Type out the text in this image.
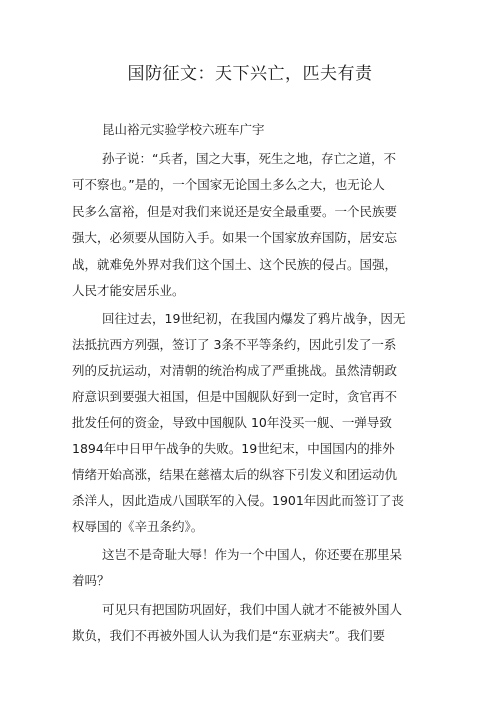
国防征文：天下兴亡，匹夫有责
昆山裕元实验学校六班车广宇
孙子说：“兵者，国之大事，死生之地，存亡之道，不
可不察也。”是的，一个国家无论国土多么之大，也无论人
民多么富裕，但是对我们来说还是安全最重要。一个民族要
强大，必须要从国防入手。如果一个国家放弃国防，居安忘
战，就难免外界对我们这个国土、这个民族的侵占。国强，
人民才能安居乐业。
回往过去，19世纪初，在我国内爆发了鸦片战争，因无
法抵抗西方列强，签订了 3条不平等条约，因此引发了一系
列的反抗运动，对清朝的统治构成了严重挑战。虽然清朝政
府意识到要强大祖国，但是中国舰队好到一定时，贪官再不
批发任何的资金，导致中国舰队 10年没买一舰、一弹导致
1894年中日甲午战争的失败。19世纪末，中国国内的排外
情绪开始高涨，结果在慈禧太后的纵容下引发义和团运动仇
杀洋人，因此造成八国联军的入侵。1901年因此而签订了丧
权辱国的《辛丑条约》。
这岂不是奇耻大辱！作为一个中国人，你还要在那里呆
着吗？
可见只有把国防巩固好，我们中国人就才不能被外国人
欺负，我们不再被外国人认为我们是“东亚病夫”。我们要
